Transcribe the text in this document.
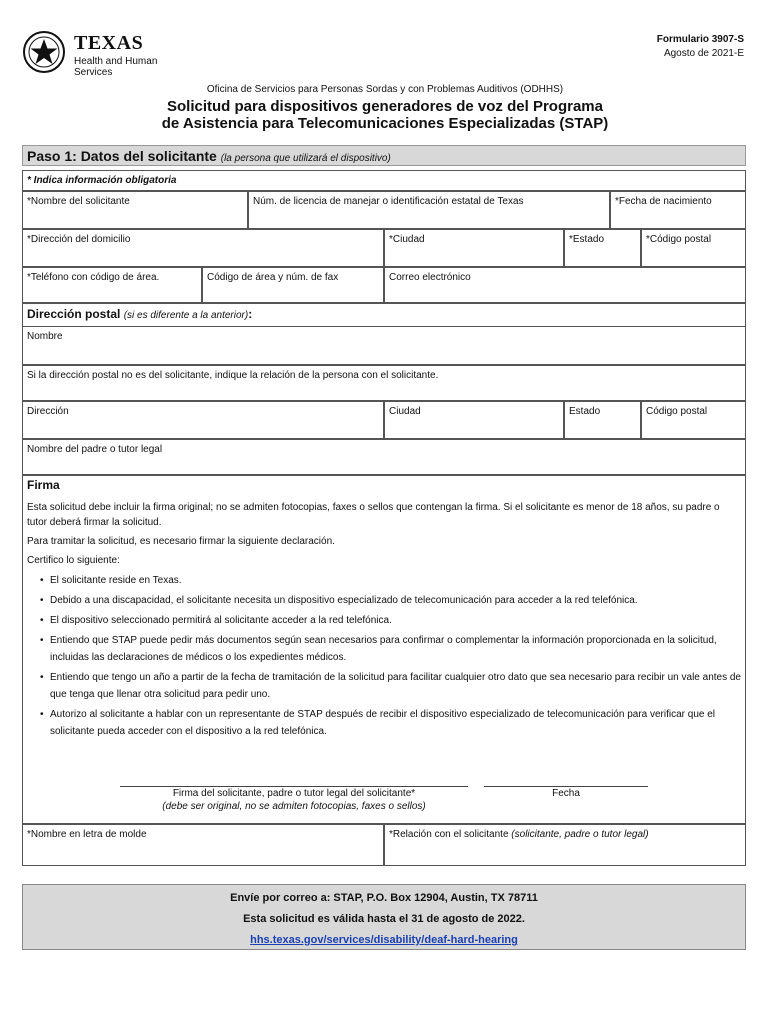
TEXAS
Health and Human Services
Formulario 3907-S
Agosto de 2021-E
Oficina de Servicios para Personas Sordas y con Problemas Auditivos (ODHHS)
Solicitud para dispositivos generadores de voz del Programa
de Asistencia para Telecomunicaciones Especializadas (STAP)
Paso 1: Datos del solicitante (la persona que utilizará el dispositivo)
* Indica información obligatoria
*Nombre del solicitante	Núm. de licencia de manejar o identificación estatal de Texas	*Fecha de nacimiento
*Dirección del domicilio	*Ciudad	*Estado	*Código postal
*Teléfono con código de área.	Código de área y núm. de fax	Correo electrónico
Dirección postal (si es diferente a la anterior):
Nombre
Si la dirección postal no es del solicitante, indique la relación de la persona con el solicitante.
Dirección	Ciudad	Estado	Código postal
Nombre del padre o tutor legal
Firma
Esta solicitud debe incluir la firma original; no se admiten fotocopias, faxes o sellos que contengan la firma. Si el solicitante es menor de 18 años, su padre o tutor deberá firmar la solicitud.
Para tramitar la solicitud, es necesario firmar la siguiente declaración.
Certifico lo siguiente:
• El solicitante reside en Texas.
• Debido a una discapacidad, el solicitante necesita un dispositivo especializado de telecomunicación para acceder a la red telefónica.
• El dispositivo seleccionado permitirá al solicitante acceder a la red telefónica.
• Entiendo que STAP puede pedir más documentos según sean necesarios para confirmar o complementar la información proporcionada en la solicitud, incluidas las declaraciones de médicos o los expedientes médicos.
• Entiendo que tengo un año a partir de la fecha de tramitación de la solicitud para facilitar cualquier otro dato que sea necesario para recibir un vale antes de que tenga que llenar otra solicitud para pedir uno.
• Autorizo al solicitante a hablar con un representante de STAP después de recibir el dispositivo especializado de telecomunicación para verificar que el solicitante pueda acceder con el dispositivo a la red telefónica.
Firma del solicitante, padre o tutor legal del solicitante*
(debe ser original, no se admiten fotocopias, faxes o sellos)
Fecha
*Nombre en letra de molde	*Relación con el solicitante (solicitante, padre o tutor legal)
Envíe por correo a: STAP, P.O. Box 12904, Austin, TX 78711
Esta solicitud es válida hasta el 31 de agosto de 2022.
hhs.texas.gov/services/disability/deaf-hard-hearing
